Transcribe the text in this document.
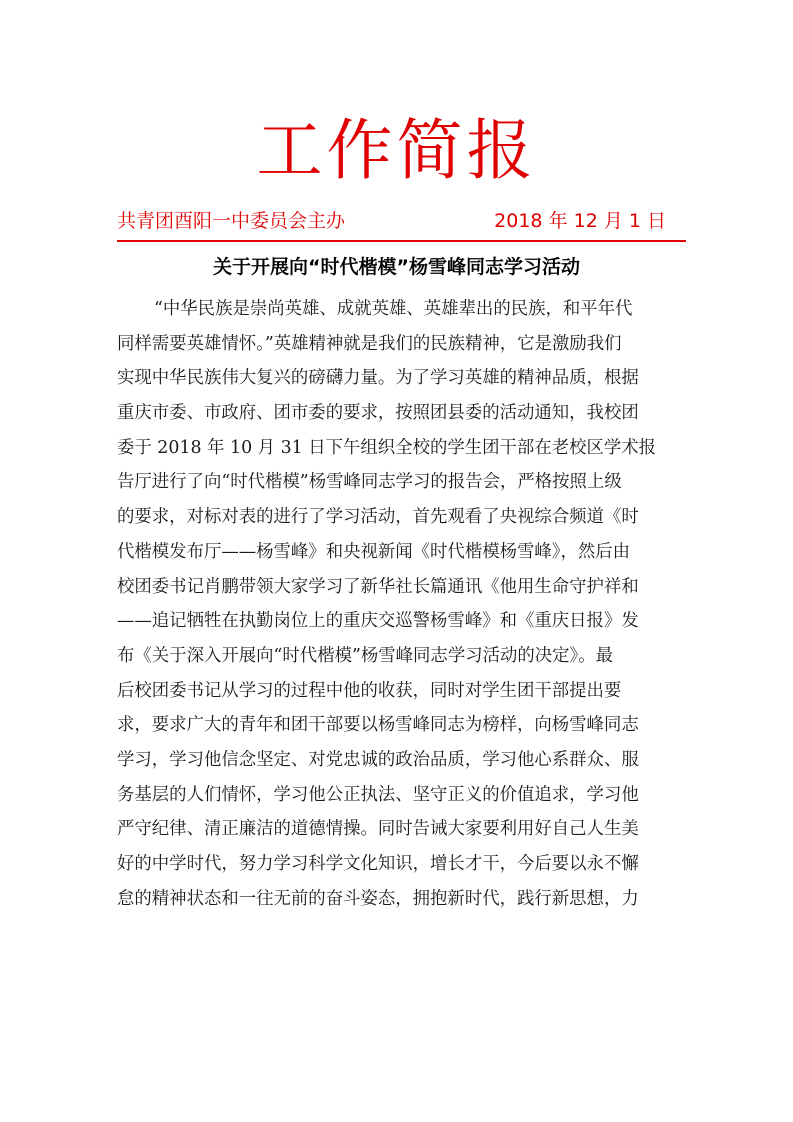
工作简报
共青团酉阳一中委员会主办	2018 年 12 月 1 日
关于开展向“时代楷模”杨雪峰同志学习活动
“中华民族是崇尚英雄、成就英雄、英雄辈出的民族，和平年代
同样需要英雄情怀。”英雄精神就是我们的民族精神，它是激励我们
实现中华民族伟大复兴的磅礴力量。为了学习英雄的精神品质，根据
重庆市委、市政府、团市委的要求，按照团县委的活动通知，我校团
委于 2018 年 10 月 31 日下午组织全校的学生团干部在老校区学术报
告厅进行了向“时代楷模”杨雪峰同志学习的报告会，严格按照上级
的要求，对标对表的进行了学习活动，首先观看了央视综合频道《时
代楷模发布厅——杨雪峰》和央视新闻《时代楷模杨雪峰》，然后由
校团委书记肖鹏带领大家学习了新华社长篇通讯《他用生命守护祥和
——追记牺牲在执勤岗位上的重庆交巡警杨雪峰》和《重庆日报》发
布《关于深入开展向“时代楷模”杨雪峰同志学习活动的决定》。最
后校团委书记从学习的过程中他的收获，同时对学生团干部提出要
求，要求广大的青年和团干部要以杨雪峰同志为榜样，向杨雪峰同志
学习，学习他信念坚定、对党忠诚的政治品质，学习他心系群众、服
务基层的人们情怀，学习他公正执法、坚守正义的价值追求，学习他
严守纪律、清正廉洁的道德情操。同时告诫大家要利用好自己人生美
好的中学时代，努力学习科学文化知识，增长才干，今后要以永不懈
怠的精神状态和一往无前的奋斗姿态，拥抱新时代，践行新思想，力
